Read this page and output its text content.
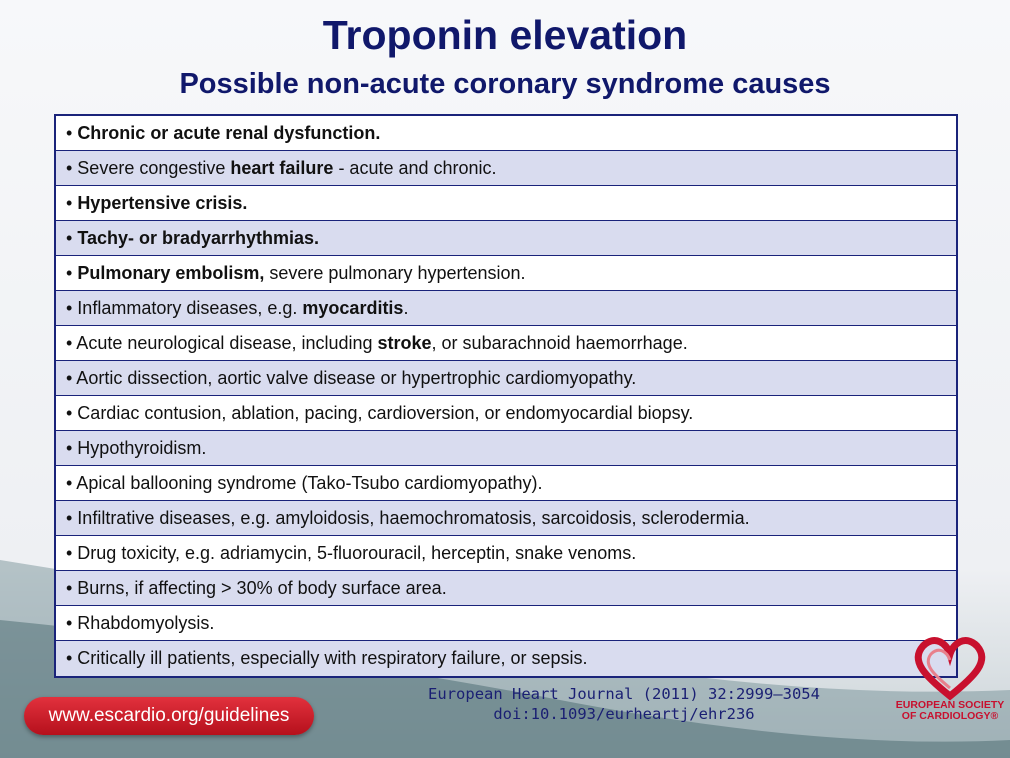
Troponin elevation
Possible non-acute coronary syndrome causes
• Chronic or acute renal dysfunction.
• Severe congestive heart failure - acute and chronic.
• Hypertensive crisis.
• Tachy- or bradyarrhythmias.
• Pulmonary embolism, severe pulmonary hypertension.
• Inflammatory diseases, e.g. myocarditis.
• Acute neurological disease, including stroke, or subarachnoid haemorrhage.
• Aortic dissection, aortic valve disease or hypertrophic cardiomyopathy.
• Cardiac contusion, ablation, pacing, cardioversion, or endomyocardial biopsy.
• Hypothyroidism.
• Apical ballooning syndrome (Tako-Tsubo cardiomyopathy).
• Infiltrative diseases, e.g. amyloidosis, haemochromatosis, sarcoidosis, sclerodermia.
• Drug toxicity, e.g. adriamycin, 5-fluorouracil, herceptin, snake venoms.
• Burns, if affecting > 30% of body surface area.
• Rhabdomyolysis.
• Critically ill patients, especially with respiratory failure, or sepsis.
European Heart Journal (2011) 32:2999–3054
doi:10.1093/eurheartj/ehr236
www.escardio.org/guidelines	EUROPEAN SOCIETY OF CARDIOLOGY®
